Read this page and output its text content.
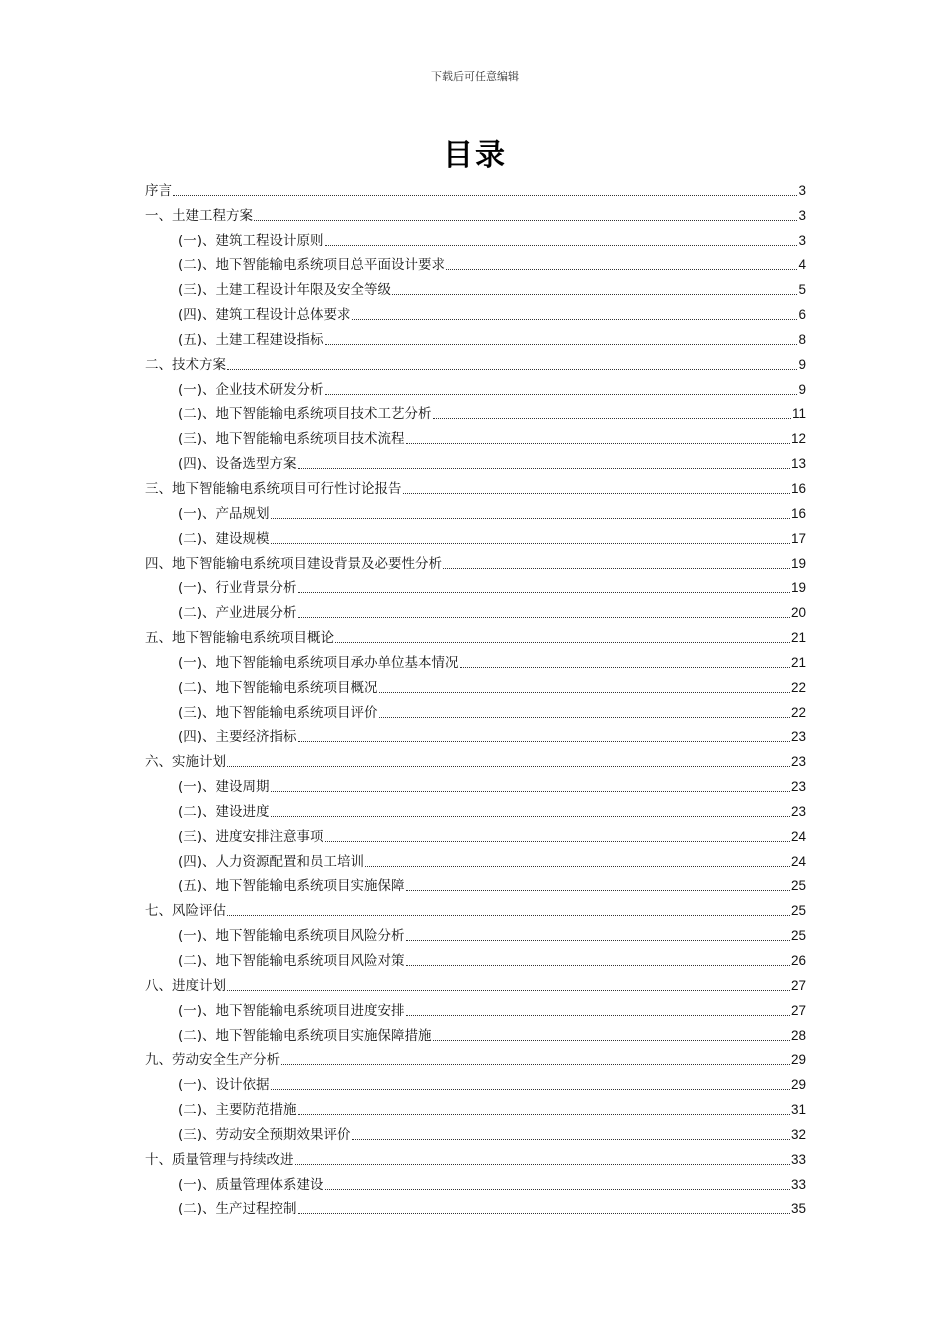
下载后可任意编辑
目录
序言	3
一、土建工程方案	3
(一)、建筑工程设计原则	3
(二)、地下智能输电系统项目总平面设计要求	4
(三)、土建工程设计年限及安全等级	5
(四)、建筑工程设计总体要求	6
(五)、土建工程建设指标	8
二、技术方案	9
(一)、企业技术研发分析	9
(二)、地下智能输电系统项目技术工艺分析	11
(三)、地下智能输电系统项目技术流程	12
(四)、设备选型方案	13
三、地下智能输电系统项目可行性讨论报告	16
(一)、产品规划	16
(二)、建设规模	17
四、地下智能输电系统项目建设背景及必要性分析	19
(一)、行业背景分析	19
(二)、产业进展分析	20
五、地下智能输电系统项目概论	21
(一)、地下智能输电系统项目承办单位基本情况	21
(二)、地下智能输电系统项目概况	22
(三)、地下智能输电系统项目评价	22
(四)、主要经济指标	23
六、实施计划	23
(一)、建设周期	23
(二)、建设进度	23
(三)、进度安排注意事项	24
(四)、人力资源配置和员工培训	24
(五)、地下智能输电系统项目实施保障	25
七、风险评估	25
(一)、地下智能输电系统项目风险分析	25
(二)、地下智能输电系统项目风险对策	26
八、进度计划	27
(一)、地下智能输电系统项目进度安排	27
(二)、地下智能输电系统项目实施保障措施	28
九、劳动安全生产分析	29
(一)、设计依据	29
(二)、主要防范措施	31
(三)、劳动安全预期效果评价	32
十、质量管理与持续改进	33
(一)、质量管理体系建设	33
(二)、生产过程控制	35
